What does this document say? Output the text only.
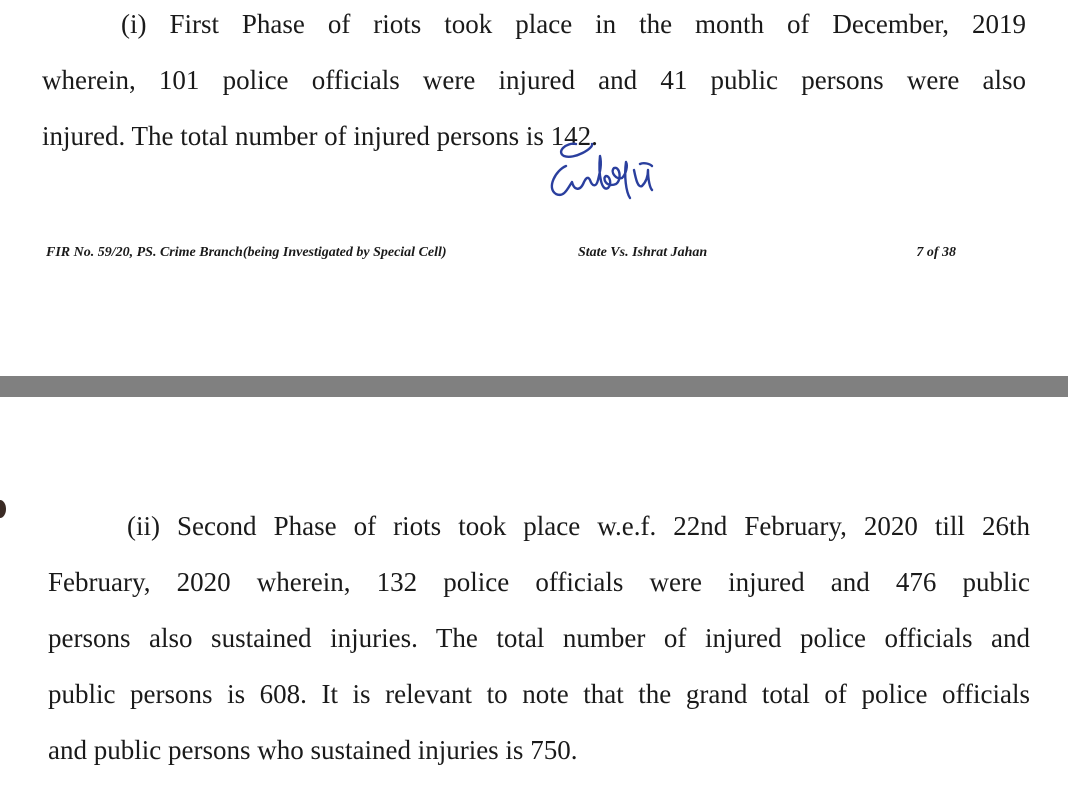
(i) First Phase of riots took place in the month of December, 2019
wherein, 101 police officials were injured and 41 public persons were also
injured. The total number of injured persons is 142.
FIR No. 59/20, PS. Crime Branch(being Investigated by Special Cell)	State Vs. Ishrat Jahan	7 of 38
(ii) Second Phase of riots took place w.e.f. 22nd February, 2020 till 26th
February, 2020 wherein, 132 police officials were injured and 476 public
persons also sustained injuries. The total number of injured police officials and
public persons is 608. It is relevant to note that the grand total of police officials
and public persons who sustained injuries is 750.
